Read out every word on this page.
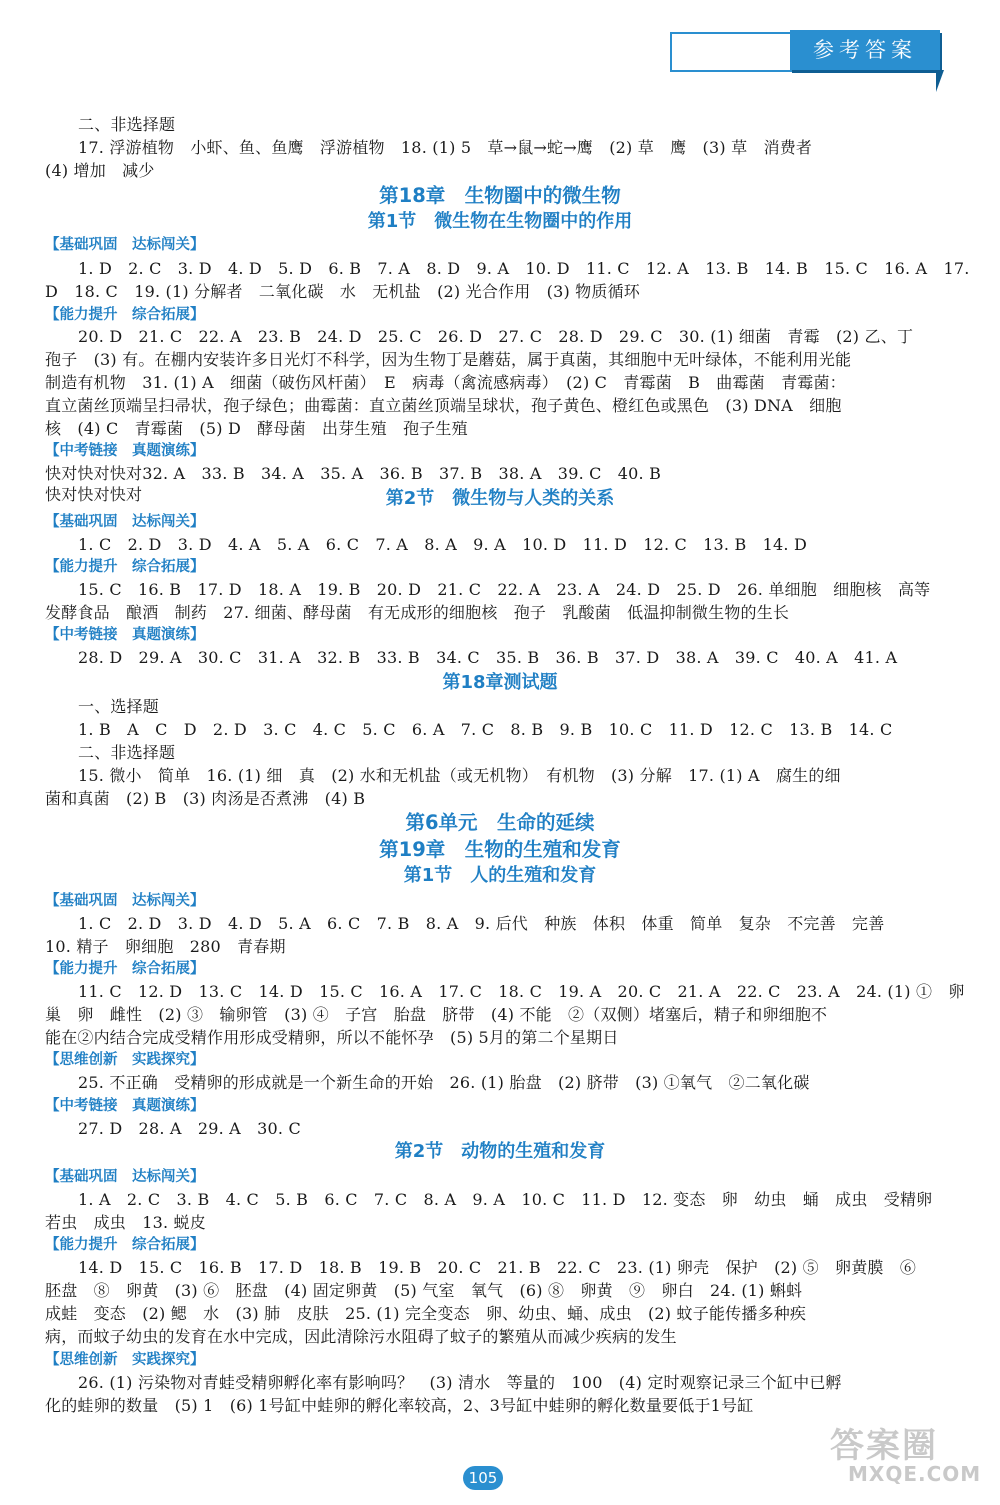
参考答案
二、非选择题
17. 浮游植物　小虾、鱼、鱼鹰　浮游植物　18. (1) 5　草→鼠→蛇→鹰　(2) 草　鹰　(3) 草　消费者
(4) 增加　减少
第18章　生物圈中的微生物
第1节　微生物在生物圈中的作用
【基础巩固　达标闯关】
1. D　2. C　3. D　4. D　5. D　6. B　7. A　8. D　9. A　10. D　11. C　12. A　13. B　14. B　15. C　16. A　17.
D　18. C　19. (1) 分解者　二氧化碳　水　无机盐　(2) 光合作用　(3) 物质循环
【能力提升　综合拓展】
20. D　21. C　22. A　23. B　24. D　25. C　26. D　27. C　28. D　29. C　30. (1) 细菌　青霉　(2) 乙、丁
孢子　(3) 有。在棚内安装许多日光灯不科学，因为生物丁是蘑菇，属于真菌，其细胞中无叶绿体，不能利用光能
制造有机物　31. (1) A　细菌（破伤风杆菌）　E　病毒（禽流感病毒）　(2) C　青霉菌　B　曲霉菌　青霉菌：
直立菌丝顶端呈扫帚状，孢子绿色；曲霉菌：直立菌丝顶端呈球状，孢子黄色、橙红色或黑色　(3) DNA　细胞
核　(4) C　青霉菌　(5) D　酵母菌　出芽生殖　孢子生殖
【中考链接　真题演练】
快对快对快对32. A　33. B　34. A　35. A　36. B　37. B　38. A　39. C　40. B
快对快对快对	第2节　微生物与人类的关系
【基础巩固　达标闯关】
1. C　2. D　3. D　4. A　5. A　6. C　7. A　8. A　9. A　10. D　11. D　12. C　13. B　14. D
【能力提升　综合拓展】
15. C　16. B　17. D　18. A　19. B　20. D　21. C　22. A　23. A　24. D　25. D　26. 单细胞　细胞核　高等
发酵食品　酿酒　制药　27. 细菌、酵母菌　有无成形的细胞核　孢子　乳酸菌　低温抑制微生物的生长
【中考链接　真题演练】
28. D　29. A　30. C　31. A　32. B　33. B　34. C　35. B　36. B　37. D　38. A　39. C　40. A　41. A
第18章测试题
一、选择题
1. B　A　C　D　2. D　3. C　4. C　5. C　6. A　7. C　8. B　9. B　10. C　11. D　12. C　13. B　14. C
二、非选择题
15. 微小　简单　16. (1) 细　真　(2) 水和无机盐（或无机物）　有机物　(3) 分解　17. (1) A　腐生的细
菌和真菌　(2) B　(3) 肉汤是否煮沸　(4) B
第6单元　生命的延续
第19章　生物的生殖和发育
第1节　人的生殖和发育
【基础巩固　达标闯关】
1. C　2. D　3. D　4. D　5. A　6. C　7. B　8. A　9. 后代　种族　体积　体重　简单　复杂　不完善　完善
10. 精子　卵细胞　280　青春期
【能力提升　综合拓展】
11. C　12. D　13. C　14. D　15. C　16. A　17. C　18. C　19. A　20. C　21. A　22. C　23. A　24. (1) ①　卵
巢　卵　雌性　(2) ③　输卵管　(3) ④　子宫　胎盘　脐带　(4) 不能　②（双侧）堵塞后，精子和卵细胞不
能在②内结合完成受精作用形成受精卵，所以不能怀孕　(5) 5月的第二个星期日
【思维创新　实践探究】
25. 不正确　受精卵的形成就是一个新生命的开始　26. (1) 胎盘　(2) 脐带　(3) ①氧气　②二氧化碳
【中考链接　真题演练】
27. D　28. A　29. A　30. C
第2节　动物的生殖和发育
【基础巩固　达标闯关】
1. A　2. C　3. B　4. C　5. B　6. C　7. C　8. A　9. A　10. C　11. D　12. 变态　卵　幼虫　蛹　成虫　受精卵
若虫　成虫　13. 蜕皮
【能力提升　综合拓展】
14. D　15. C　16. B　17. D　18. B　19. B　20. C　21. B　22. C　23. (1) 卵壳　保护　(2) ⑤　卵黄膜　⑥
胚盘　⑧　卵黄　(3) ⑥　胚盘　(4) 固定卵黄　(5) 气室　氧气　(6) ⑧　卵黄　⑨　卵白　24. (1) 蝌蚪
成蛙　变态　(2) 鳃　水　(3) 肺　皮肤　25. (1) 完全变态　卵、幼虫、蛹、成虫　(2) 蚊子能传播多种疾
病，而蚊子幼虫的发育在水中完成，因此清除污水阻碍了蚊子的繁殖从而减少疾病的发生
【思维创新　实践探究】
26. (1) 污染物对青蛙受精卵孵化率有影响吗？　(3) 清水　等量的　100　(4) 定时观察记录三个缸中已孵
化的蛙卵的数量　(5) 1　(6) 1号缸中蛙卵的孵化率较高，2、3号缸中蛙卵的孵化数量要低于1号缸
105
答案圈
MXQE.COM
